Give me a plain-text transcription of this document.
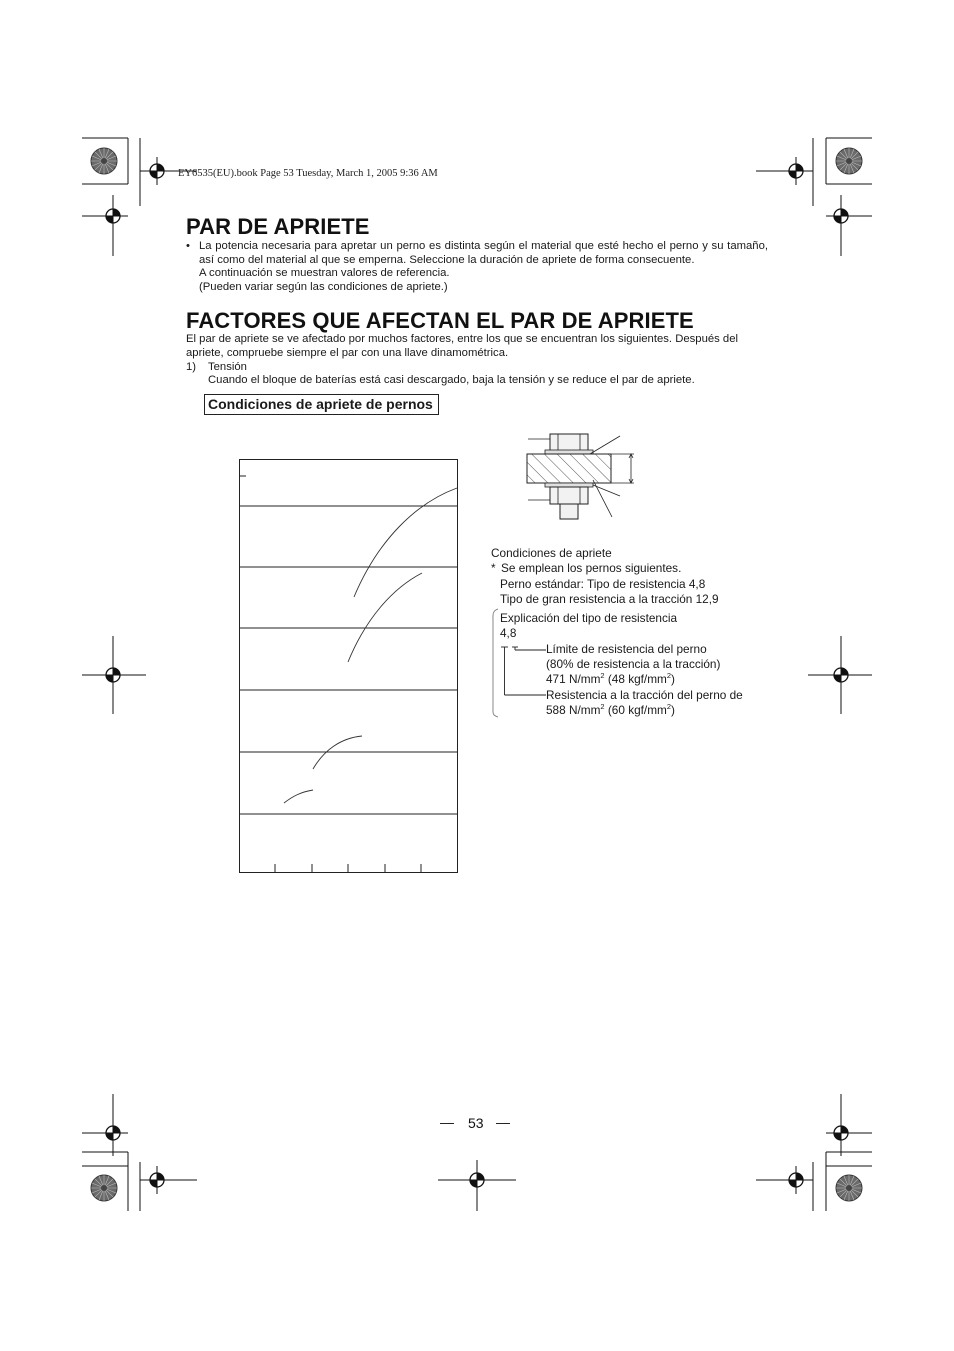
EY6535(EU).book Page 53 Tuesday, March 1, 2005 9:36 AM
PAR DE APRIETE
• La potencia necesaria para apretar un perno es distinta según el material que esté hecho el perno y su tamaño, así como del material al que se emperna. Seleccione la duración de apriete de forma consecuente.
A continuación se muestran valores de referencia.
(Pueden variar según las condiciones de apriete.)
FACTORES QUE AFECTAN EL PAR DE APRIETE
El par de apriete se ve afectado por muchos factores, entre los que se encuentran los siguientes. Después del apriete, compruebe siempre el par con una llave dinamométrica.
1) Tensión
Cuando el bloque de baterías está casi descargado, baja la tensión y se reduce el par de apriete.
Condiciones de apriete de pernos
Condiciones de apriete
* Se emplean los pernos siguientes.
Perno estándar: Tipo de resistencia 4,8
Tipo de gran resistencia a la tracción 12,9
Explicación del tipo de resistencia
4,8
Límite de resistencia del perno
(80% de resistencia a la tracción)
471 $N/mm^2$ (48 kgf/$mm^2$)
Resistencia a la tracción del perno de
588 $N/mm^2$ (60 kgf/$mm^2$)
— 53 —
